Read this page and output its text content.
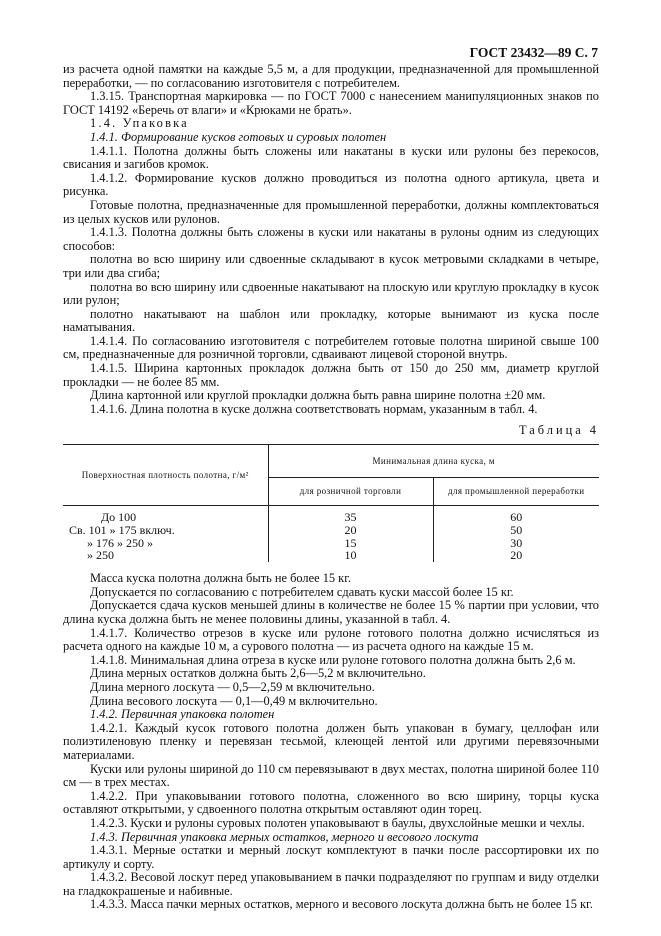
ГОСТ 23432—89 С. 7

из расчета одной памятки на каждые 5,5 м, а для продукции, предназначенной для промышленной переработки, — по согласованию изготовителя с потребителем.

1.3.15. Транспортная маркировка — по ГОСТ 7000 с нанесением манипуляционных знаков по ГОСТ 14192 «Беречь от влаги» и «Крюками не брать».

1.4. Упаковка

1.4.1. Формирование кусков готовых и суровых полотен

1.4.1.1. Полотна должны быть сложены или накатаны в куски или рулоны без перекосов, свисания и загибов кромок.

1.4.1.2. Формирование кусков должно проводиться из полотна одного артикула, цвета и рисунка.

Готовые полотна, предназначенные для промышленной переработки, должны комплектоваться из целых кусков или рулонов.

1.4.1.3. Полотна должны быть сложены в куски или накатаны в рулоны одним из следующих способов:

полотна во всю ширину или сдвоенные складывают в кусок метровыми складками в четыре, три или два сгиба;

полотна во всю ширину или сдвоенные накатывают на плоскую или круглую прокладку в кусок или рулон;

полотно накатывают на шаблон или прокладку, которые вынимают из куска после наматывания.

1.4.1.4. По согласованию изготовителя с потребителем готовые полотна шириной свыше 100 см, предназначенные для розничной торговли, сдваивают лицевой стороной внутрь.

1.4.1.5. Ширина картонных прокладок должна быть от 150 до 250 мм, диаметр круглой прокладки — не более 85 мм.

Длина картонной или круглой прокладки должна быть равна ширине полотна ±20 мм.

1.4.1.6. Длина полотна в куске должна соответствовать нормам, указанным в табл. 4.

Таблица 4

Поверхностная плотность полотна, г/м²	Минимальная длина куска, м	
	для розничной торговли	для промышленной переработки
До 100	35	60
Св. 101 » 175 включ.	20	50
» 176 » 250 »	15	30
» 250	10	20

Масса куска полотна должна быть не более 15 кг.

Допускается по согласованию с потребителем сдавать куски массой более 15 кг.

Допускается сдача кусков меньшей длины в количестве не более 15 % партии при условии, что длина куска должна быть не менее половины длины, указанной в табл. 4.

1.4.1.7. Количество отрезов в куске или рулоне готового полотна должно исчисляться из расчета одного на каждые 10 м, а сурового полотна — из расчета одного на каждые 15 м.

1.4.1.8. Минимальная длина отреза в куске или рулоне готового полотна должна быть 2,6 м.

Длина мерных остатков должна быть 2,6—5,2 м включительно.

Длина мерного лоскута — 0,5—2,59 м включительно.

Длина весового лоскута — 0,1—0,49 м включительно.

1.4.2. Первичная упаковка полотен

1.4.2.1. Каждый кусок готового полотна должен быть упакован в бумагу, целлофан или полиэтиленовую пленку и перевязан тесьмой, клеющей лентой или другими перевязочными материалами.

Куски или рулоны шириной до 110 см перевязывают в двух местах, полотна шириной более 110 см — в трех местах.

1.4.2.2. При упаковывании готового полотна, сложенного во всю ширину, торцы куска оставляют открытыми, у сдвоенного полотна открытым оставляют один торец.

1.4.2.3. Куски и рулоны суровых полотен упаковывают в баулы, двухслойные мешки и чехлы.

1.4.3. Первичная упаковка мерных остатков, мерного и весового лоскута

1.4.3.1. Мерные остатки и мерный лоскут комплектуют в пачки после рассортировки их по артикулу и сорту.

1.4.3.2. Весовой лоскут перед упаковыванием в пачки подразделяют по группам и виду отделки на гладкокрашеные и набивные.

1.4.3.3. Масса пачки мерных остатков, мерного и весового лоскута должна быть не более 15 кг.
